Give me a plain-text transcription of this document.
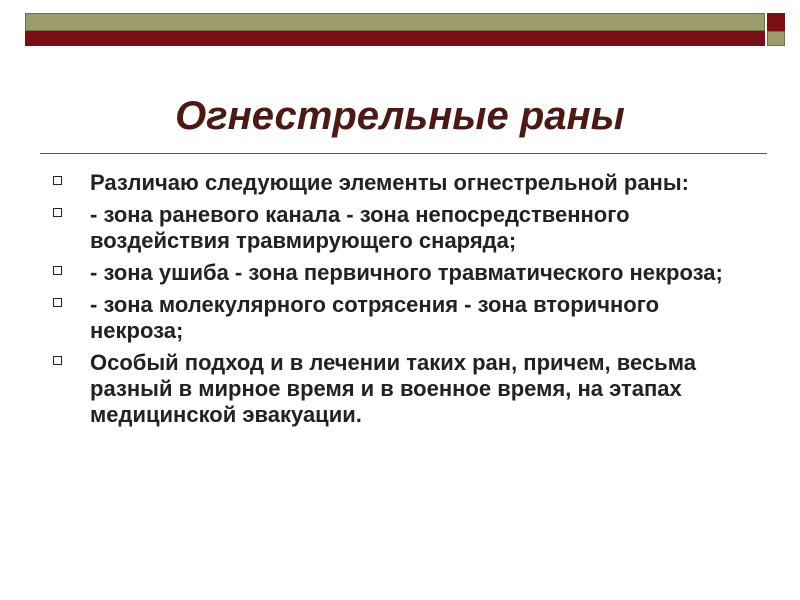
Огнестрельные раны
Различаю следующие элементы огнестрельной раны:
- зона раневого канала - зона непосредственного воздействия травмирующего снаряда;
- зона ушиба - зона первичного травматического некроза;
- зона молекулярного сотрясения - зона вторичного некроза;
Особый подход и в лечении таких ран, причем, весьма разный в мирное время и в военное время, на этапах медицинской эвакуации.
